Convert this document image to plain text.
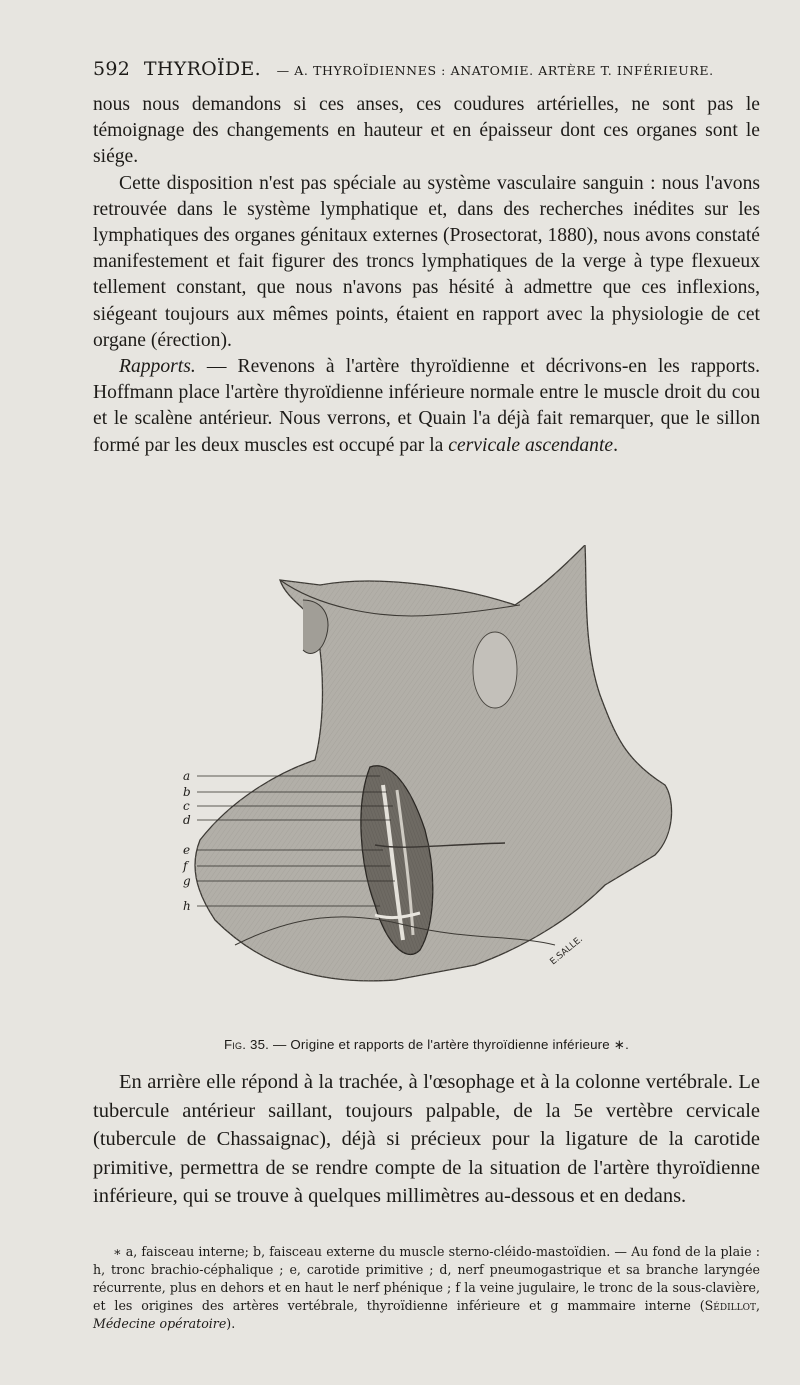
592 THYROÏDE. — A. THYROÏDIENNES : ANATOMIE. ARTÈRE T. INFÉRIEURE.

nous nous demandons si ces anses, ces coudures artérielles, ne sont pas le témoignage des changements en hauteur et en épaisseur dont ces organes sont le siége.

Cette disposition n'est pas spéciale au système vasculaire sanguin : nous l'avons retrouvée dans le système lymphatique et, dans des recherches inédites sur les lymphatiques des organes génitaux externes (Prosectorat, 1880), nous avons constaté manifestement et fait figurer des troncs lymphatiques de la verge à type flexueux tellement constant, que nous n'avons pas hésité à admettre que ces inflexions, siégeant toujours aux mêmes points, étaient en rapport avec la physiologie de cet organe (érection).

Rapports. — Revenons à l'artère thyroïdienne et décrivons-en les rapports. Hoffmann place l'artère thyroïdienne inférieure normale entre le muscle droit du cou et le scalène antérieur. Nous verrons, et Quain l'a déjà fait remarquer, que le sillon formé par les deux muscles est occupé par la cervicale ascendante.

a
b
c
d
e
f
g
h
E.SALLE.
Fig. 35. — Origine et rapports de l'artère thyroïdienne inférieure ∗.

En arrière elle répond à la trachée, à l'œsophage et à la colonne vertébrale. Le tubercule antérieur saillant, toujours palpable, de la 5e vertèbre cervicale (tubercule de Chassaignac), déjà si précieux pour la ligature de la carotide primitive, permettra de se rendre compte de la situation de l'artère thyroïdienne inférieure, qui se trouve à quelques millimètres au-dessous et en dedans.

∗ a, faisceau interne; b, faisceau externe du muscle sterno-cléido-mastoïdien. — Au fond de la plaie : h, tronc brachio-céphalique ; e, carotide primitive ; d, nerf pneumogastrique et sa branche laryngée récurrente, plus en dehors et en haut le nerf phénique ; f la veine jugulaire, le tronc de la sous-clavière, et les origines des artères vertébrale, thyroïdienne inférieure et g mammaire interne (Sédillot, Médecine opératoire).
